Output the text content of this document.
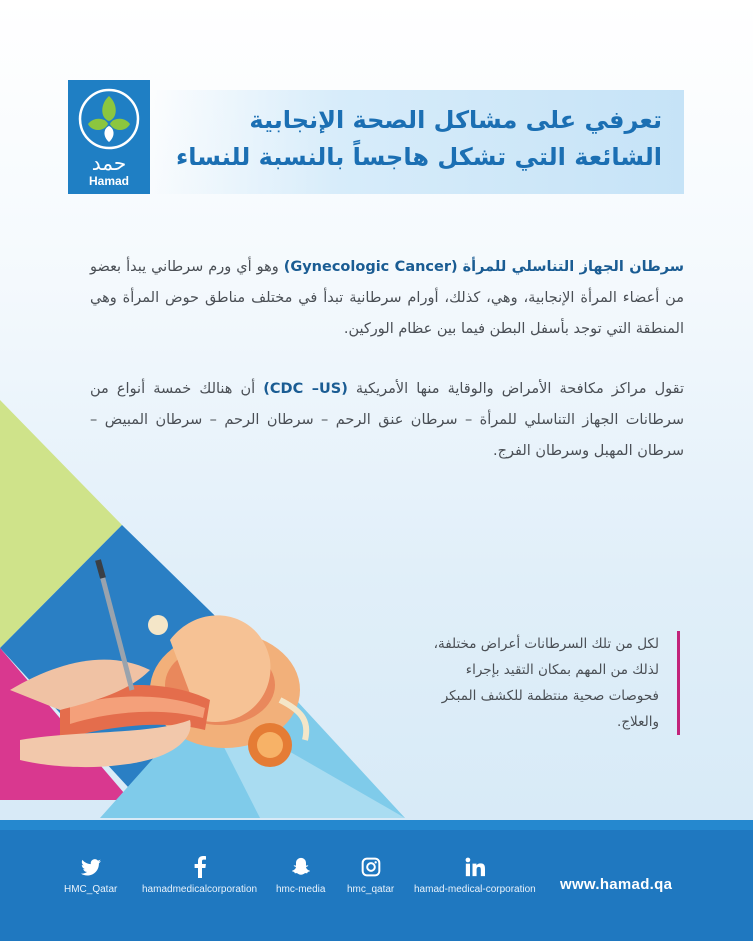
حمد
Hamad
تعرفي على مشاكل الصحة الإنجابية
الشائعة التي تشكل هاجساً بالنسبة للنساء
سرطان الجهاز التناسلي للمرأة (Gynecologic Cancer) وهو أي ورم سرطاني يبدأ بعضو من أعضاء المرأة الإنجابية، وهي، كذلك، أورام سرطانية تبدأ في مختلف مناطق حوض المرأة وهي المنطقة التي توجد بأسفل البطن فيما بين عظام الوركين.
تقول مراكز مكافحة الأمراض والوقاية منها الأمريكية (CDC –US) أن هنالك خمسة أنواع من سرطانات الجهاز التناسلي للمرأة – سرطان عنق الرحم – سرطان الرحم – سرطان المبيض – سرطان المهبل وسرطان الفرج.
لكل من تلك السرطانات أعراض مختلفة،
لذلك من المهم بمكان التقيد بإجراء
فحوصات صحية منتظمة للكشف المبكر
والعلاج.
HMC_Qatar hamadmedicalcorporation hmc-media hmc_qatar hamad-medical-corporation www.hamad.qa
